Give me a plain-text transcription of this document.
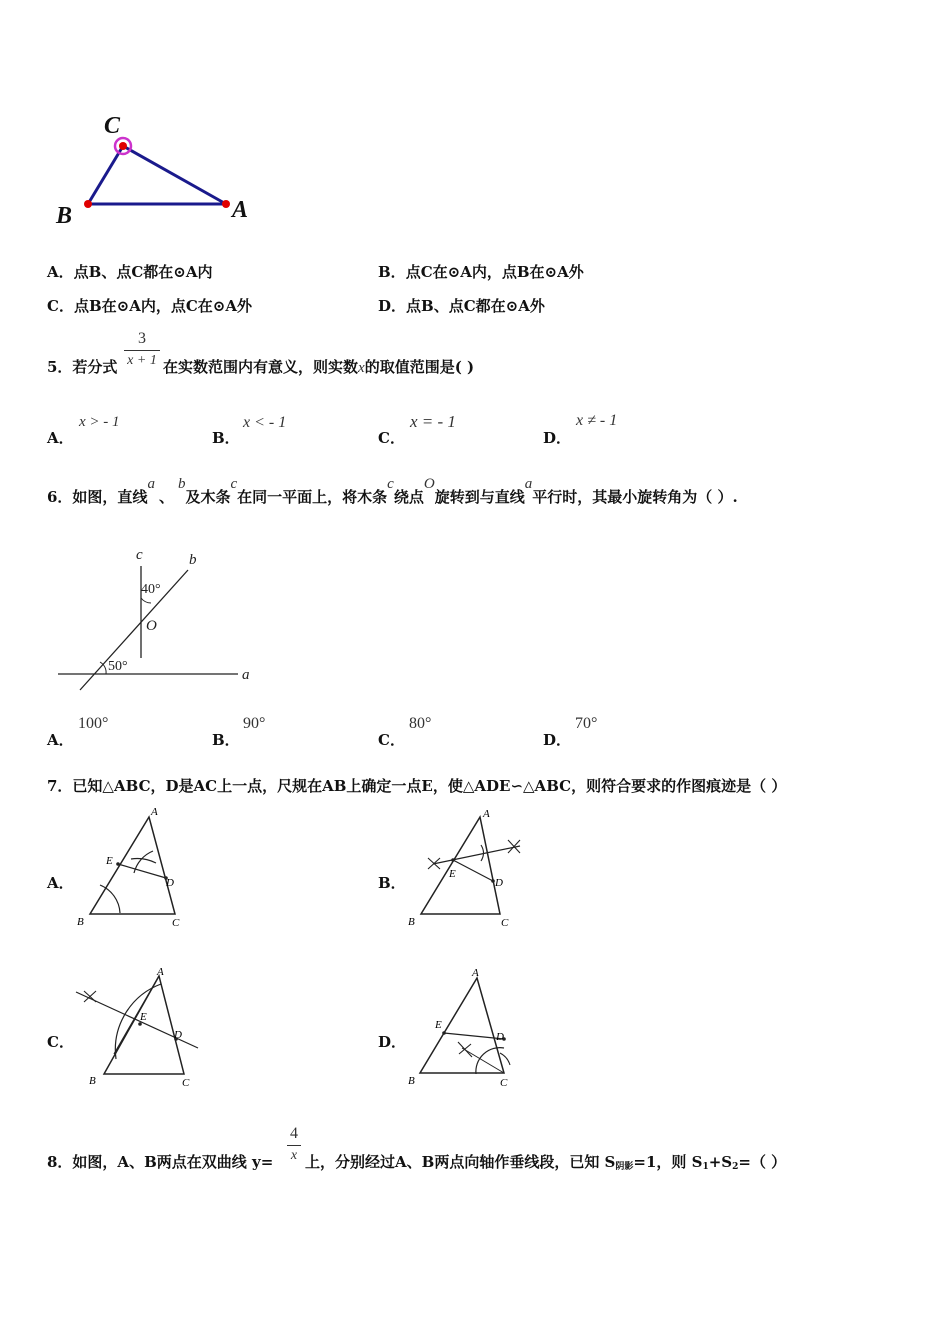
C
B	A
A．点B、点C都在⊙A内	B．点C在⊙A内，点B在⊙A外
C．点B在⊙A内，点C在⊙A外	D．点B、点C都在⊙A外
5．若分式
3
x + 1 在实数范围内有意义，则实数x的取值范围是( )
A．
x > - 1
B．
x < - 1
C．
x = - 1
D．
x ≠ - 1
6．如图，直线a、b及木条c在同一平面上，将木条c绕点O旋转到与直线a平行时，其最小旋转角为（ ）.
c	b
40°
O
50°
a
A．
100°
B．
90°
C．
80°
D．
70°
7．已知△ABC，D是AC上一点，尺规在AB上确定一点E，使△ADE∽△ABC，则符合要求的作图痕迹是（ ）
A．
A
E
D
B	C
B．
A
E
D
B	C
C．
A
E
D
B	C
D．
A
E
D
B	C
8．如图，A、B两点在双曲线 y=
4
x 上，分别经过A、B两点向轴作垂线段，已知 $S_{阴影}=1$，则 $S_1+S_2=$（ ）
